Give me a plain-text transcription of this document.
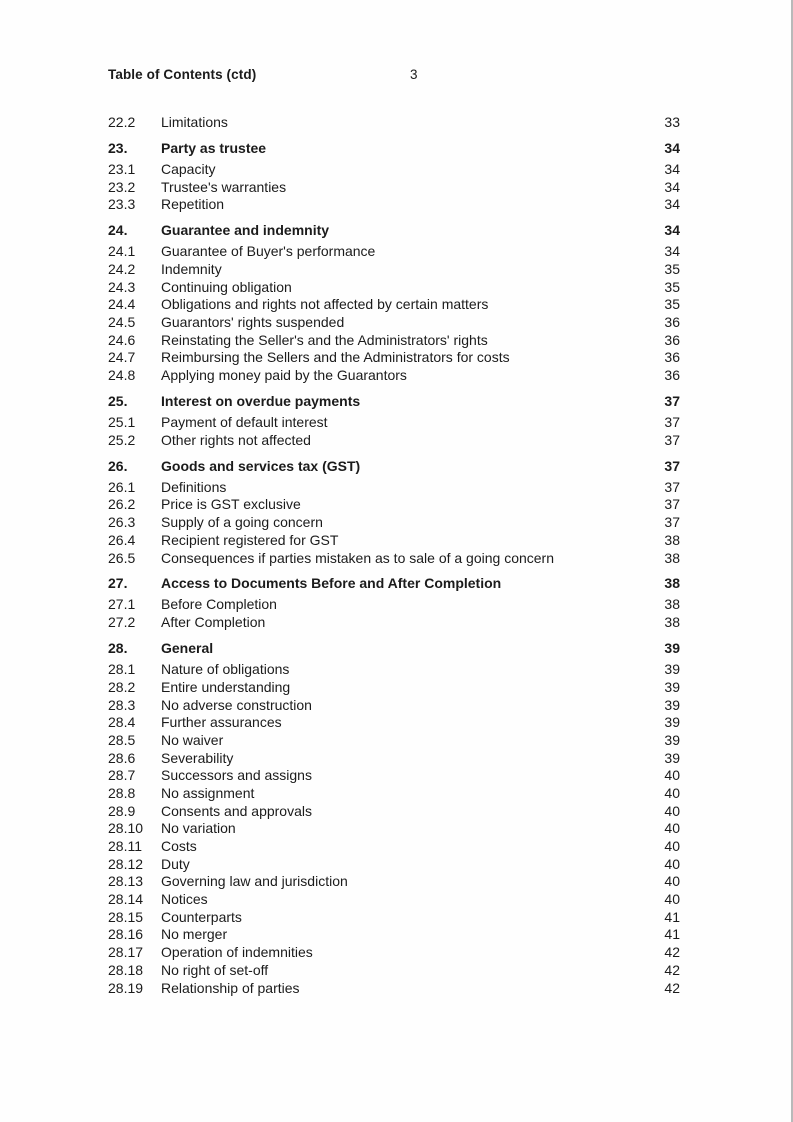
Table of Contents (ctd)	3
22.2	Limitations	33
23.	Party as trustee	34
23.1	Capacity	34
23.2	Trustee's warranties	34
23.3	Repetition	34
24.	Guarantee and indemnity	34
24.1	Guarantee of Buyer's performance	34
24.2	Indemnity	35
24.3	Continuing obligation	35
24.4	Obligations and rights not affected by certain matters	35
24.5	Guarantors' rights suspended	36
24.6	Reinstating the Seller's and the Administrators' rights	36
24.7	Reimbursing the Sellers and the Administrators for costs	36
24.8	Applying money paid by the Guarantors	36
25.	Interest on overdue payments	37
25.1	Payment of default interest	37
25.2	Other rights not affected	37
26.	Goods and services tax (GST)	37
26.1	Definitions	37
26.2	Price is GST exclusive	37
26.3	Supply of a going concern	37
26.4	Recipient registered for GST	38
26.5	Consequences if parties mistaken as to sale of a going concern	38
27.	Access to Documents Before and After Completion	38
27.1	Before Completion	38
27.2	After Completion	38
28.	General	39
28.1	Nature of obligations	39
28.2	Entire understanding	39
28.3	No adverse construction	39
28.4	Further assurances	39
28.5	No waiver	39
28.6	Severability	39
28.7	Successors and assigns	40
28.8	No assignment	40
28.9	Consents and approvals	40
28.10	No variation	40
28.11	Costs	40
28.12	Duty	40
28.13	Governing law and jurisdiction	40
28.14	Notices	40
28.15	Counterparts	41
28.16	No merger	41
28.17	Operation of indemnities	42
28.18	No right of set-off	42
28.19	Relationship of parties	42
